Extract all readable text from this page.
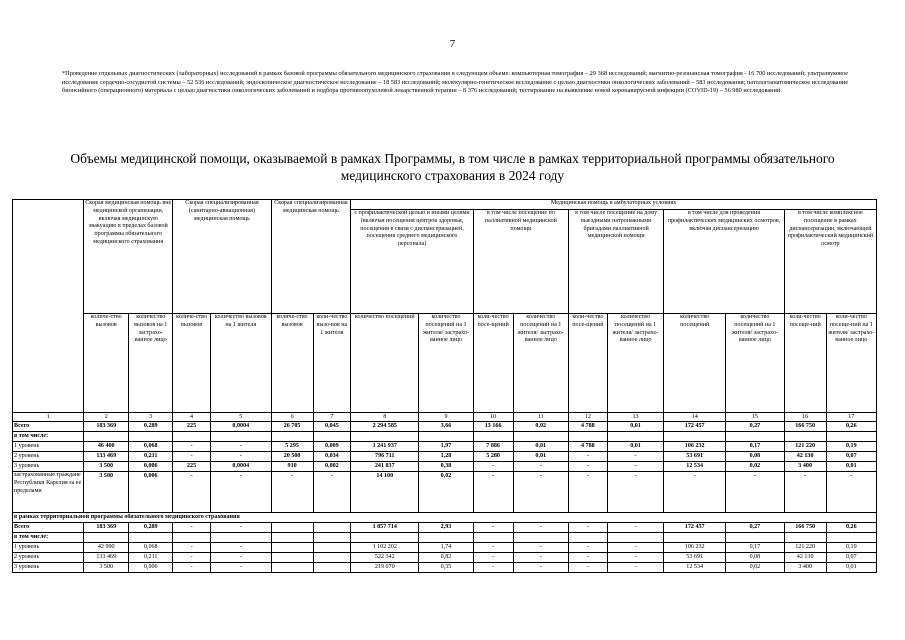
7
*Проведение отдельных диагностических (лабораторных) исследований в рамках базовой программы обязательного медицинского страхования в следующем объеме: компьютерная томография – 29 368 исследований; магнитно-резонансная томография - 16 700 исследований; ультразвуковое исследование сердечно-сосудистой системы – 52 536 исследований; эндоскопическое диагностическое исследование – 18 583 исследований; молекулярно-генетическое исследование с целью диагностики онкологических заболеваний – 583 исследования; патологоанатомическое исследование биопсийного (операционного) материала с целью диагностики онкологических заболеваний и подбора противоопухолевой лекарственной терапии – 8 376 исследований; тестирование на выявление новой коронавирусной инфекции (COVID-19) – 56 980 исследований.
Объемы медицинской помощи, оказываемой в рамках Программы, в том числе в рамках территориальной программы обязательного медицинского страхования в 2024 году
	Скорая медицинская помощь вне медицинской организации, включая медицинскую эвакуацию в пределах базовой программы обязательного медицинского страхования		Скорая специализированная (санитарно-авиационная) медицинская помощь		Скорая специализированная медицинская помощь		Медицинская помощь в амбулаторных условиях									
							с профилактической целью и иными целями (включая посещения центров здоровья, посещения в связи с диспансеризацией, посещения среднего медицинского персонала)		в том числе посещение по паллиативной медицинской помощи		в том числе посещение на дому выездными патронажными бригадами паллиативной медицинской помощи		в том числе для проведения профилактических медицинских осмотров, включая диспансеризацию		в том числе комплексное посещение в рамках диспансеризации, включающей профилактический медицинский осмотр	
	количе-ство вызовов	количество вызовов на 1 застрахо-ванное лицо	количе-ство вызовов	количество вызовов на 1 жителя	количе-ство вызовов	коли-чество вызо-вов на 1 жителя	количество посещений	количество посещений на 1 жителя/ застрахо-ванное лицо	коли-чество посе-щений	количество посещений на 1 жителя/ застрахо-ванное лицо	коли-чество посе-щений	количество посещений на 1 жителя/ застрахо-ванное лицо	количество посещений	количество посещений на 1 жителя/ застрахо-ванное лицо	коли-чество посеще-ний	коли-чество посеще-ний на 1 жителя/ застрахо-ванное лицо
1	2	3	4	5	6	7	8	9	10	11	12	13	14	15	16	17
Всего	183 369	0,289	225	0,0004	26 705	0,045	2 294 585	3,66	13 166	0,02	4 788	0,01	172 457	0,27	166 750	0,26
в том числе:																
1 уровень	46 400	0,068	-	-	5 295	0,009	1 241 937	1,97	7 886	0,01	4 788	0,01	106 232	0,17	121 220	0,19
2 уровень	133 469	0,211	-	-	20 500	0,034	796 711	1,28	5 280	0,01	-	-	53 691	0,08	42 130	0,07
3 уровень	3 500	0,006	225	0,0004	910	0,002	241 837	0,38	-	-	-	-	12 534	0,02	3 400	0,01
застрахованные граждане Республики Карелия за ее пределами	3 500	0,006	-	-	-	-	14 100	0,02	-	-	-	-	-	-	-	-
в рамках территориальной программы обязательного медицинского страхования																
Всего	183 369	0,289	-	-			1 857 714	2,93	-	-	-	-	172 457	0,27	166 750	0,26
в том числе:																
1 уровень	42 990	0,068	-	-			1 102 202	1,74	-	-	-	-	106 232	0,17	121 220	0,19
2 уровень	133 469	0,211	-	-			522 342	0,82	-	-	-	-	53 691	0,08	42 130	0,07
3 уровень	3 500	0,006	-	-			219 070	0,35	-	-	-	-	12 534	0,02	3 400	0,01
